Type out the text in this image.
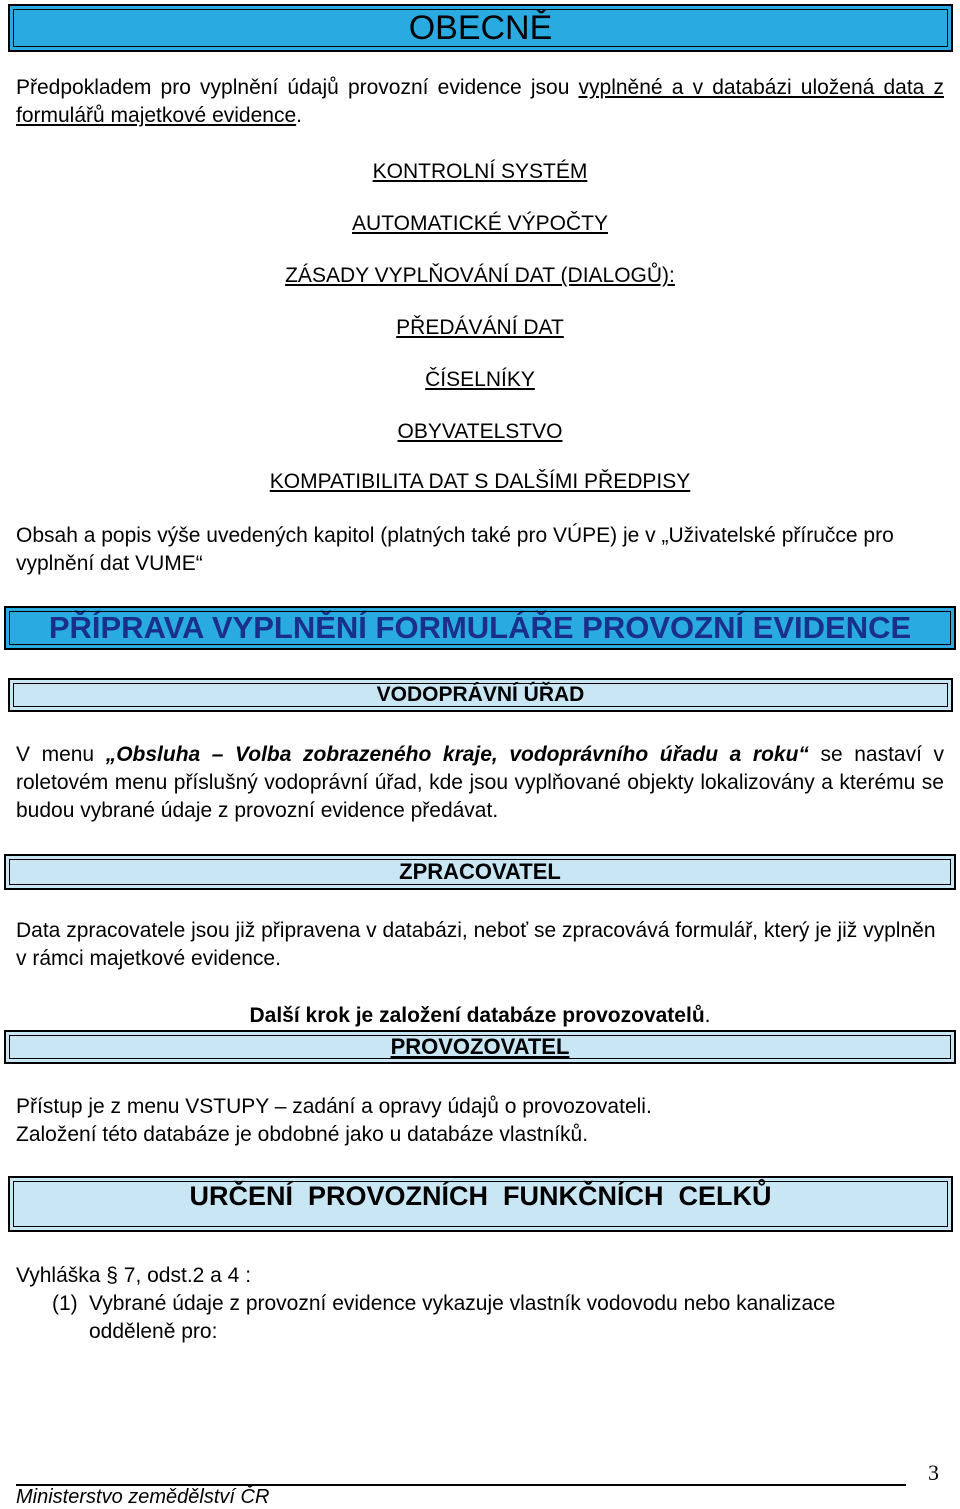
OBECNĚ

Předpokladem pro vyplnění údajů provozní evidence jsou vyplněné a v databázi uložená data z formulářů majetkové evidence.

KONTROLNÍ SYSTÉM
AUTOMATICKÉ VÝPOČTY
ZÁSADY VYPLŇOVÁNÍ DAT (DIALOGŮ):
PŘEDÁVÁNÍ DAT
ČÍSELNÍKY
OBYVATELSTVO
KOMPATIBILITA DAT S DALŠÍMI PŘEDPISY

Obsah a popis výše uvedených kapitol (platných také pro VÚPE) je v „Uživatelské příručce pro vyplnění dat VUME“

PŘÍPRAVA VYPLNĚNÍ FORMULÁŘE PROVOZNÍ EVIDENCE
VODOPRÁVNÍ ÚŘAD

V menu „Obsluha – Volba zobrazeného kraje, vodoprávního úřadu a roku“ se nastaví v roletovém menu příslušný vodoprávní úřad, kde jsou vyplňované objekty lokalizovány a kterému se budou vybrané údaje z provozní evidence předávat.

ZPRACOVATEL

Data zpracovatele jsou již připravena v databázi, neboť se zpracovává formulář, který je již vyplněn v rámci majetkové evidence.

Další krok je založení databáze provozovatelů.

PROVOZOVATEL

Přístup je z menu VSTUPY – zadání a opravy údajů o provozovateli.

Založení této databáze je obdobné jako u databáze vlastníků.

URČENÍ  PROVOZNÍCH  FUNKČNÍCH  CELKŮ

Vyhláška § 7, odst.2 a 4 :

(1) Vybrané údaje z provozní evidence vykazuje vlastník vodovodu nebo kanalizace odděleně pro:
Ministerstvo zemědělství ČR
3
